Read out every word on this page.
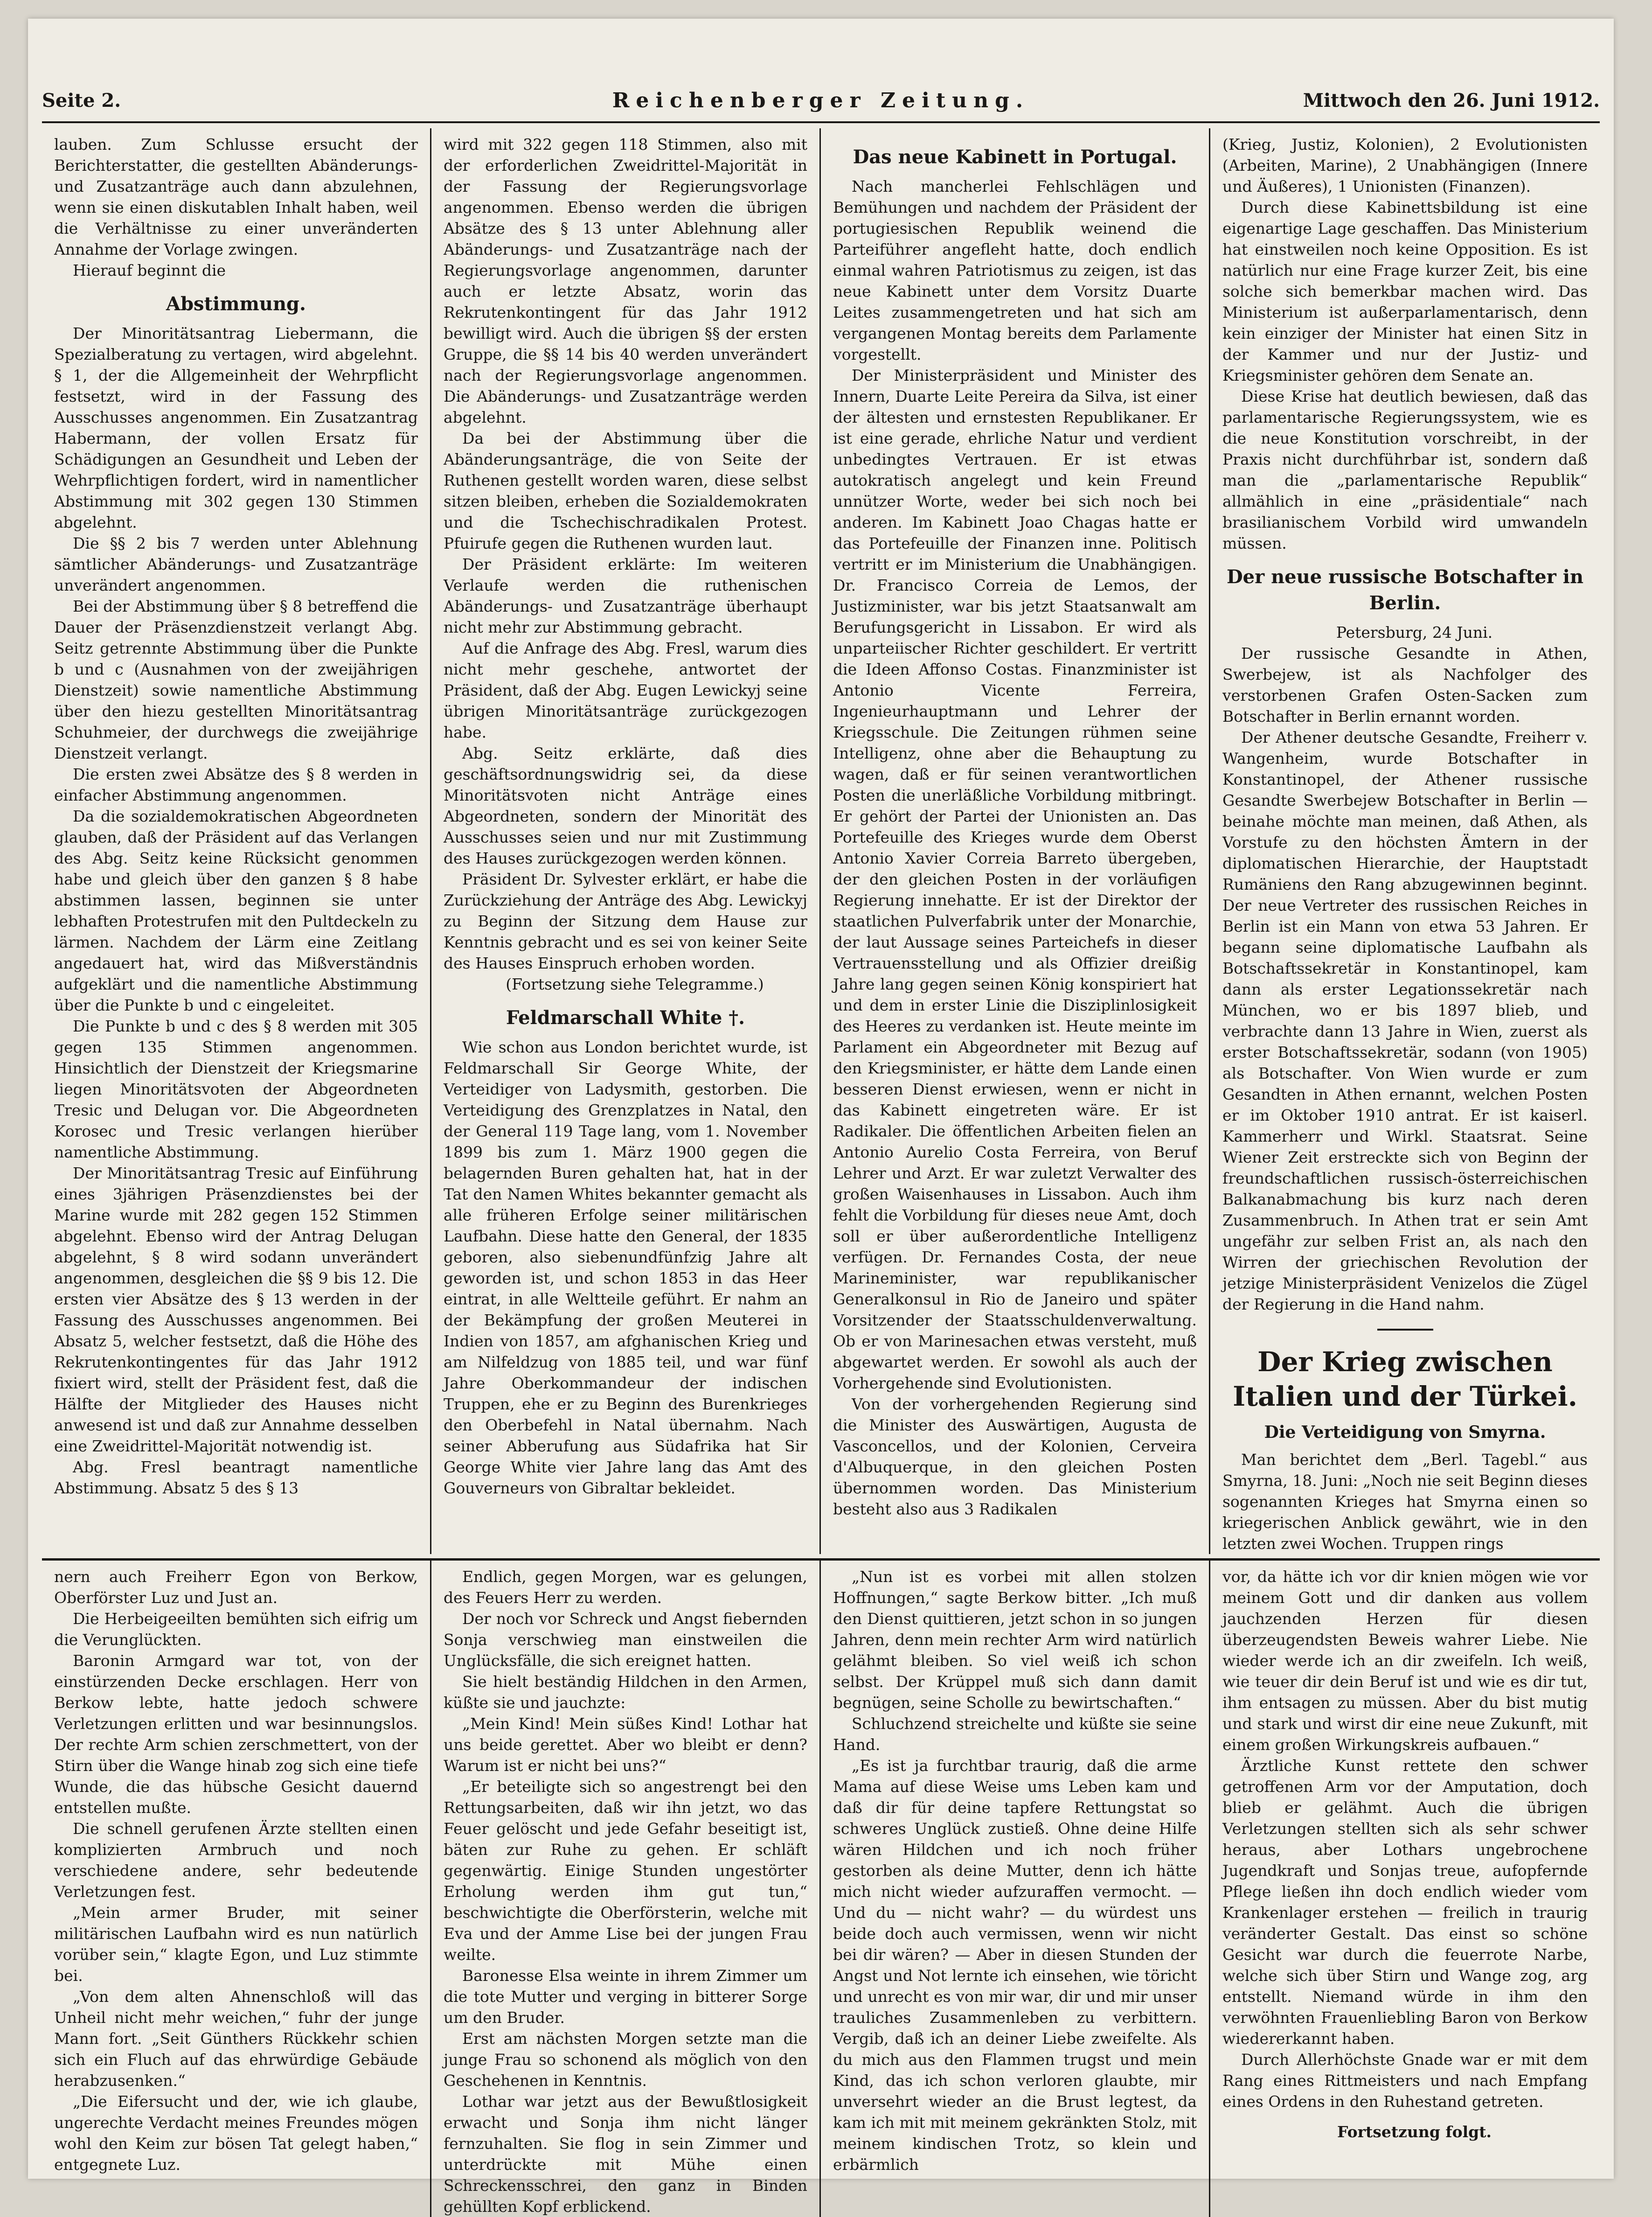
Seite 2.	Reichenberger Zeitung.	Mittwoch den 26. Juni 1912.

lauben. Zum Schlusse ersucht der Berichterstatter, die gestellten Abänderungs- und Zusatzanträge auch dann abzulehnen, wenn sie einen diskutablen Inhalt haben, weil die Verhältnisse zu einer unveränderten Annahme der Vorlage zwingen.

Hierauf beginnt die

Abstimmung.

Der Minoritätsantrag Liebermann, die Spezialberatung zu vertagen, wird abgelehnt. § 1, der die Allgemeinheit der Wehrpflicht festsetzt, wird in der Fassung des Ausschusses angenommen. Ein Zusatzantrag Habermann, der vollen Ersatz für Schädigungen an Gesundheit und Leben der Wehrpflichtigen fordert, wird in namentlicher Abstimmung mit 302 gegen 130 Stimmen abgelehnt.

Die §§ 2 bis 7 werden unter Ablehnung sämtlicher Abänderungs- und Zusatzanträge unverändert angenommen.

Bei der Abstimmung über § 8 betreffend die Dauer der Präsenzdienstzeit verlangt Abg. Seitz getrennte Abstimmung über die Punkte b und c (Ausnahmen von der zweijährigen Dienstzeit) sowie namentliche Abstimmung über den hiezu gestellten Minoritätsantrag Schuhmeier, der durchwegs die zweijährige Dienstzeit verlangt.

Die ersten zwei Absätze des § 8 werden in einfacher Abstimmung angenommen.

Da die sozialdemokratischen Abgeordneten glauben, daß der Präsident auf das Verlangen des Abg. Seitz keine Rücksicht genommen habe und gleich über den ganzen § 8 habe abstimmen lassen, beginnen sie unter lebhaften Protestrufen mit den Pultdeckeln zu lärmen. Nachdem der Lärm eine Zeitlang angedauert hat, wird das Mißverständnis aufgeklärt und die namentliche Abstimmung über die Punkte b und c eingeleitet.

Die Punkte b und c des § 8 werden mit 305 gegen 135 Stimmen angenommen. Hinsichtlich der Dienstzeit der Kriegsmarine liegen Minoritätsvoten der Abgeordneten Tresic und Delugan vor. Die Abgeordneten Korosec und Tresic verlangen hierüber namentliche Abstimmung.

Der Minoritätsantrag Tresic auf Einführung eines 3jährigen Präsenzdienstes bei der Marine wurde mit 282 gegen 152 Stimmen abgelehnt. Ebenso wird der Antrag Delugan abgelehnt, § 8 wird sodann unverändert angenommen, desgleichen die §§ 9 bis 12. Die ersten vier Absätze des § 13 werden in der Fassung des Ausschusses angenommen. Bei Absatz 5, welcher festsetzt, daß die Höhe des Rekrutenkontingentes für das Jahr 1912 fixiert wird, stellt der Präsident fest, daß die Hälfte der Mitglieder des Hauses nicht anwesend ist und daß zur Annahme desselben eine Zweidrittel-Majorität notwendig ist.

Abg. Fresl beantragt namentliche Abstimmung. Absatz 5 des § 13

wird mit 322 gegen 118 Stimmen, also mit der erforderlichen Zweidrittel-Majorität in der Fassung der Regierungsvorlage angenommen. Ebenso werden die übrigen Absätze des § 13 unter Ablehnung aller Abänderungs- und Zusatzanträge nach der Regierungsvorlage angenommen, darunter auch er letzte Absatz, worin das Rekrutenkontingent für das Jahr 1912 bewilligt wird. Auch die übrigen §§ der ersten Gruppe, die §§ 14 bis 40 werden unverändert nach der Regierungsvorlage angenommen. Die Abänderungs- und Zusatzanträge werden abgelehnt.

Da bei der Abstimmung über die Abänderungsanträge, die von Seite der Ruthenen gestellt worden waren, diese selbst sitzen bleiben, erheben die Sozialdemokraten und die Tschechischradikalen Protest. Pfuirufe gegen die Ruthenen wurden laut.

Der Präsident erklärte: Im weiteren Verlaufe werden die ruthenischen Abänderungs- und Zusatzanträge überhaupt nicht mehr zur Abstimmung gebracht.

Auf die Anfrage des Abg. Fresl, warum dies nicht mehr geschehe, antwortet der Präsident, daß der Abg. Eugen Lewickyj seine übrigen Minoritätsanträge zurückgezogen habe.

Abg. Seitz erklärte, daß dies geschäftsordnungswidrig sei, da diese Minoritätsvoten nicht Anträge eines Abgeordneten, sondern der Minorität des Ausschusses seien und nur mit Zustimmung des Hauses zurückgezogen werden können.

Präsident Dr. Sylvester erklärt, er habe die Zurückziehung der Anträge des Abg. Lewickyj zu Beginn der Sitzung dem Hause zur Kenntnis gebracht und es sei von keiner Seite des Hauses Einspruch erhoben worden.

(Fortsetzung siehe Telegramme.)

Feldmarschall White †.

Wie schon aus London berichtet wurde, ist Feldmarschall Sir George White, der Verteidiger von Ladysmith, gestorben. Die Verteidigung des Grenzplatzes in Natal, den der General 119 Tage lang, vom 1. November 1899 bis zum 1. März 1900 gegen die belagernden Buren gehalten hat, hat in der Tat den Namen Whites bekannter gemacht als alle früheren Erfolge seiner militärischen Laufbahn. Diese hatte den General, der 1835 geboren, also siebenundfünfzig Jahre alt geworden ist, und schon 1853 in das Heer eintrat, in alle Weltteile geführt. Er nahm an der Bekämpfung der großen Meuterei in Indien von 1857, am afghanischen Krieg und am Nilfeldzug von 1885 teil, und war fünf Jahre Oberkommandeur der indischen Truppen, ehe er zu Beginn des Burenkrieges den Oberbefehl in Natal übernahm. Nach seiner Abberufung aus Südafrika hat Sir George White vier Jahre lang das Amt des Gouverneurs von Gibraltar bekleidet.

Das neue Kabinett in Portugal.

Nach mancherlei Fehlschlägen und Bemühungen und nachdem der Präsident der portugiesischen Republik weinend die Parteiführer angefleht hatte, doch endlich einmal wahren Patriotismus zu zeigen, ist das neue Kabinett unter dem Vorsitz Duarte Leites zusammengetreten und hat sich am vergangenen Montag bereits dem Parlamente vorgestellt.

Der Ministerpräsident und Minister des Innern, Duarte Leite Pereira da Silva, ist einer der ältesten und ernstesten Republikaner. Er ist eine gerade, ehrliche Natur und verdient unbedingtes Vertrauen. Er ist etwas autokratisch angelegt und kein Freund unnützer Worte, weder bei sich noch bei anderen. Im Kabinett Joao Chagas hatte er das Portefeuille der Finanzen inne. Politisch vertritt er im Ministerium die Unabhängigen. Dr. Francisco Correia de Lemos, der Justizminister, war bis jetzt Staatsanwalt am Berufungsgericht in Lissabon. Er wird als unparteiischer Richter geschildert. Er vertritt die Ideen Affonso Costas. Finanzminister ist Antonio Vicente Ferreira, Ingenieurhauptmann und Lehrer der Kriegsschule. Die Zeitungen rühmen seine Intelligenz, ohne aber die Behauptung zu wagen, daß er für seinen verantwortlichen Posten die unerläßliche Vorbildung mitbringt. Er gehört der Partei der Unionisten an. Das Portefeuille des Krieges wurde dem Oberst Antonio Xavier Correia Barreto übergeben, der den gleichen Posten in der vorläufigen Regierung innehatte. Er ist der Direktor der staatlichen Pulverfabrik unter der Monarchie, der laut Aussage seines Parteichefs in dieser Vertrauensstellung und als Offizier dreißig Jahre lang gegen seinen König konspiriert hat und dem in erster Linie die Disziplinlosigkeit des Heeres zu verdanken ist. Heute meinte im Parlament ein Abgeordneter mit Bezug auf den Kriegsminister, er hätte dem Lande einen besseren Dienst erwiesen, wenn er nicht in das Kabinett eingetreten wäre. Er ist Radikaler. Die öffentlichen Arbeiten fielen an Antonio Aurelio Costa Ferreira, von Beruf Lehrer und Arzt. Er war zuletzt Verwalter des großen Waisenhauses in Lissabon. Auch ihm fehlt die Vorbildung für dieses neue Amt, doch soll er über außerordentliche Intelligenz verfügen. Dr. Fernandes Costa, der neue Marineminister, war republikanischer Generalkonsul in Rio de Janeiro und später Vorsitzender der Staatsschuldenverwaltung. Ob er von Marinesachen etwas versteht, muß abgewartet werden. Er sowohl als auch der Vorhergehende sind Evolutionisten.

Von der vorhergehenden Regierung sind die Minister des Auswärtigen, Augusta de Vasconcellos, und der Kolonien, Cerveira d'Albuquerque, in den gleichen Posten übernommen worden. Das Ministerium besteht also aus 3 Radikalen

(Krieg, Justiz, Kolonien), 2 Evolutionisten (Arbeiten, Marine), 2 Unabhängigen (Innere und Äußeres), 1 Unionisten (Finanzen).

Durch diese Kabinettsbildung ist eine eigenartige Lage geschaffen. Das Ministerium hat einstweilen noch keine Opposition. Es ist natürlich nur eine Frage kurzer Zeit, bis eine solche sich bemerkbar machen wird. Das Ministerium ist außerparlamentarisch, denn kein einziger der Minister hat einen Sitz in der Kammer und nur der Justiz- und Kriegsminister gehören dem Senate an.

Diese Krise hat deutlich bewiesen, daß das parlamentarische Regierungssystem, wie es die neue Konstitution vorschreibt, in der Praxis nicht durchführbar ist, sondern daß man die „parlamentarische Republik“ allmählich in eine „präsidentiale“ nach brasilianischem Vorbild wird umwandeln müssen.

Der neue russische Botschafter in Berlin.

Petersburg, 24 Juni.

Der russische Gesandte in Athen, Swerbejew, ist als Nachfolger des verstorbenen Grafen Osten-Sacken zum Botschafter in Berlin ernannt worden.

Der Athener deutsche Gesandte, Freiherr v. Wangenheim, wurde Botschafter in Konstantinopel, der Athener russische Gesandte Swerbejew Botschafter in Berlin — beinahe möchte man meinen, daß Athen, als Vorstufe zu den höchsten Ämtern in der diplomatischen Hierarchie, der Hauptstadt Rumäniens den Rang abzugewinnen beginnt. Der neue Vertreter des russischen Reiches in Berlin ist ein Mann von etwa 53 Jahren. Er begann seine diplomatische Laufbahn als Botschaftssekretär in Konstantinopel, kam dann als erster Legationssekretär nach München, wo er bis 1897 blieb, und verbrachte dann 13 Jahre in Wien, zuerst als erster Botschaftssekretär, sodann (von 1905) als Botschafter. Von Wien wurde er zum Gesandten in Athen ernannt, welchen Posten er im Oktober 1910 antrat. Er ist kaiserl. Kammerherr und Wirkl. Staatsrat. Seine Wiener Zeit erstreckte sich von Beginn der freundschaftlichen russisch-österreichischen Balkanabmachung bis kurz nach deren Zusammenbruch. In Athen trat er sein Amt ungefähr zur selben Frist an, als nach den Wirren der griechischen Revolution der jetzige Ministerpräsident Venizelos die Zügel der Regierung in die Hand nahm.

Der Krieg zwischen Italien und der Türkei.
Die Verteidigung von Smyrna.

Man berichtet dem „Berl. Tagebl.“ aus Smyrna, 18. Juni: „Noch nie seit Beginn dieses sogenannten Krieges hat Smyrna einen so kriegerischen Anblick gewährt, wie in den letzten zwei Wochen. Truppen rings

nern auch Freiherr Egon von Berkow, Oberförster Luz und Just an.

Die Herbeigeeilten bemühten sich eifrig um die Verunglückten.

Baronin Armgard war tot, von der einstürzenden Decke erschlagen. Herr von Berkow lebte, hatte jedoch schwere Verletzungen erlitten und war besinnungslos. Der rechte Arm schien zerschmettert, von der Stirn über die Wange hinab zog sich eine tiefe Wunde, die das hübsche Gesicht dauernd entstellen mußte.

Die schnell gerufenen Ärzte stellten einen komplizierten Armbruch und noch verschiedene andere, sehr bedeutende Verletzungen fest.

„Mein armer Bruder, mit seiner militärischen Laufbahn wird es nun natürlich vorüber sein,“ klagte Egon, und Luz stimmte bei.

„Von dem alten Ahnenschloß will das Unheil nicht mehr weichen,“ fuhr der junge Mann fort. „Seit Günthers Rückkehr schien sich ein Fluch auf das ehrwürdige Gebäude herabzusenken.“

„Die Eifersucht und der, wie ich glaube, ungerechte Verdacht meines Freundes mögen wohl den Keim zur bösen Tat gelegt haben,“ entgegnete Luz.

Endlich, gegen Morgen, war es gelungen, des Feuers Herr zu werden.

Der noch vor Schreck und Angst fiebernden Sonja verschwieg man einstweilen die Unglücksfälle, die sich ereignet hatten.

Sie hielt beständig Hildchen in den Armen, küßte sie und jauchzte:

„Mein Kind! Mein süßes Kind! Lothar hat uns beide gerettet. Aber wo bleibt er denn? Warum ist er nicht bei uns?“

„Er beteiligte sich so angestrengt bei den Rettungsarbeiten, daß wir ihn jetzt, wo das Feuer gelöscht und jede Gefahr beseitigt ist, bäten zur Ruhe zu gehen. Er schläft gegenwärtig. Einige Stunden ungestörter Erholung werden ihm gut tun,“ beschwichtigte die Oberförsterin, welche mit Eva und der Amme Lise bei der jungen Frau weilte.

Baronesse Elsa weinte in ihrem Zimmer um die tote Mutter und verging in bitterer Sorge um den Bruder.

Erst am nächsten Morgen setzte man die junge Frau so schonend als möglich von den Geschehenen in Kenntnis.

Lothar war jetzt aus der Bewußtlosigkeit erwacht und Sonja ihm nicht länger fernzuhalten. Sie flog in sein Zimmer und unterdrückte mit Mühe einen Schreckensschrei, den ganz in Binden gehüllten Kopf erblickend.

„Nun ist es vorbei mit allen stolzen Hoffnungen,“ sagte Berkow bitter. „Ich muß den Dienst quittieren, jetzt schon in so jungen Jahren, denn mein rechter Arm wird natürlich gelähmt bleiben. So viel weiß ich schon selbst. Der Krüppel muß sich dann damit begnügen, seine Scholle zu bewirtschaften.“

Schluchzend streichelte und küßte sie seine Hand.

„Es ist ja furchtbar traurig, daß die arme Mama auf diese Weise ums Leben kam und daß dir für deine tapfere Rettungstat so schweres Unglück zustieß. Ohne deine Hilfe wären Hildchen und ich noch früher gestorben als deine Mutter, denn ich hätte mich nicht wieder aufzuraffen vermocht. — Und du — nicht wahr? — du würdest uns beide doch auch vermissen, wenn wir nicht bei dir wären? — Aber in diesen Stunden der Angst und Not lernte ich einsehen, wie töricht und unrecht es von mir war, dir und mir unser trauliches Zusammenleben zu verbittern. Vergib, daß ich an deiner Liebe zweifelte. Als du mich aus den Flammen trugst und mein Kind, das ich schon verloren glaubte, mir unversehrt wieder an die Brust legtest, da kam ich mit mit meinem gekränkten Stolz, mit meinem kindischen Trotz, so klein und erbärmlich

vor, da hätte ich vor dir knien mögen wie vor meinem Gott und dir danken aus vollem jauchzenden Herzen für diesen überzeugendsten Beweis wahrer Liebe. Nie wieder werde ich an dir zweifeln. Ich weiß, wie teuer dir dein Beruf ist und wie es dir tut, ihm entsagen zu müssen. Aber du bist mutig und stark und wirst dir eine neue Zukunft, mit einem großen Wirkungskreis aufbauen.“

Ärztliche Kunst rettete den schwer getroffenen Arm vor der Amputation, doch blieb er gelähmt. Auch die übrigen Verletzungen stellten sich als sehr schwer heraus, aber Lothars ungebrochene Jugendkraft und Sonjas treue, aufopfernde Pflege ließen ihn doch endlich wieder vom Krankenlager erstehen — freilich in traurig veränderter Gestalt. Das einst so schöne Gesicht war durch die feuerrote Narbe, welche sich über Stirn und Wange zog, arg entstellt. Niemand würde in ihm den verwöhnten Frauenliebling Baron von Berkow wiedererkannt haben.

Durch Allerhöchste Gnade war er mit dem Rang eines Rittmeisters und nach Empfang eines Ordens in den Ruhestand getreten.

Fortsetzung folgt.
